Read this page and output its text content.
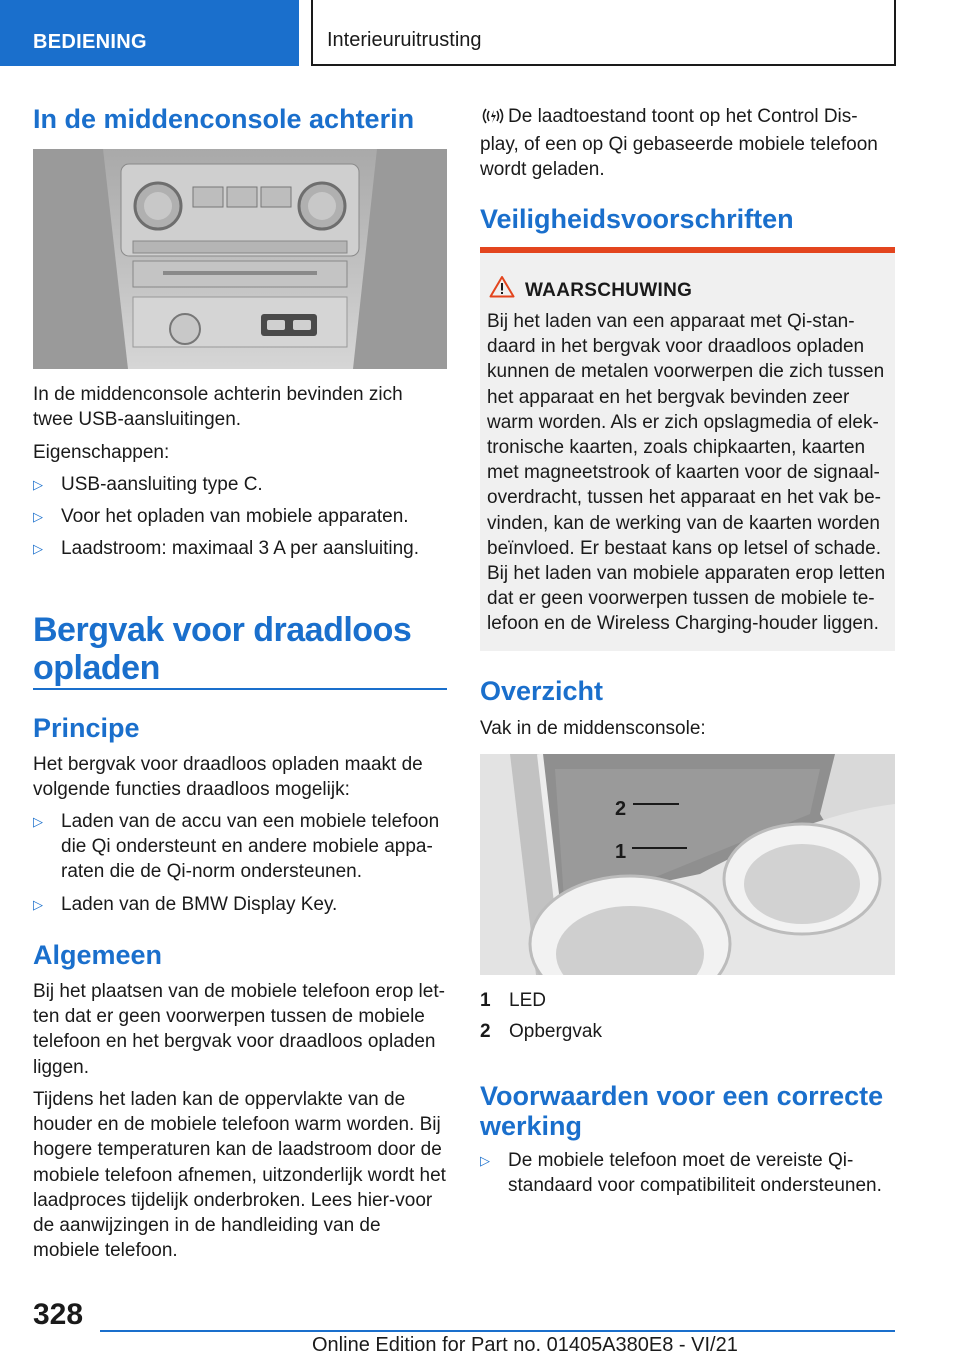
BEDIENING	Interieuruitrusting
In de middenconsole achterin
In de middenconsole achterin bevinden zich twee USB-aansluitingen.
Eigenschappen:
▷ USB-aansluiting type C.
▷ Voor het opladen van mobiele apparaten.
▷ Laadstroom: maximaal 3 A per aansluiting.
Bergvak voor draadloos opladen
Principe
Het bergvak voor draadloos opladen maakt de volgende functies draadloos mogelijk:
▷ Laden van de accu van een mobiele telefoon die Qi ondersteunt en andere mobiele appa-raten die de Qi-norm ondersteunen.
▷ Laden van de BMW Display Key.
Algemeen
Bij het plaatsen van de mobiele telefoon erop let-ten dat er geen voorwerpen tussen de mobiele telefoon en het bergvak voor draadloos opladen liggen.
Tijdens het laden kan de oppervlakte van de houder en de mobiele telefoon warm worden. Bij hogere temperaturen kan de laadstroom door de mobiele telefoon afnemen, uitzonderlijk wordt het laadproces tijdelijk onderbroken. Lees hier-voor de aanwijzingen in de handleiding van de mobiele telefoon.
De laadtoestand toont op het Control Dis-play, of een op Qi gebaseerde mobiele telefoon wordt geladen.
Veiligheidsvoorschriften
WAARSCHUWING
Bij het laden van een apparaat met Qi-stan-daard in het bergvak voor draadloos opladen kunnen de metalen voorwerpen die zich tussen het apparaat en het bergvak bevinden zeer warm worden. Als er zich opslagmedia of elek-tronische kaarten, zoals chipkaarten, kaarten met magneetstrook of kaarten voor de signaal-overdracht, tussen het apparaat en het vak be-vinden, kan de werking van de kaarten worden beïnvloed. Er bestaat kans op letsel of schade. Bij het laden van mobiele apparaten erop letten dat er geen voorwerpen tussen de mobiele te-lefoon en de Wireless Charging-houder liggen.
Overzicht
Vak in de middensconsole:
2
1
1 LED
2 Opbergvak
Voorwaarden voor een correcte werking
▷ De mobiele telefoon moet de vereiste Qi-standaard voor compatibiliteit ondersteunen.
328
Online Edition for Part no. 01405A380E8 - VI/21
